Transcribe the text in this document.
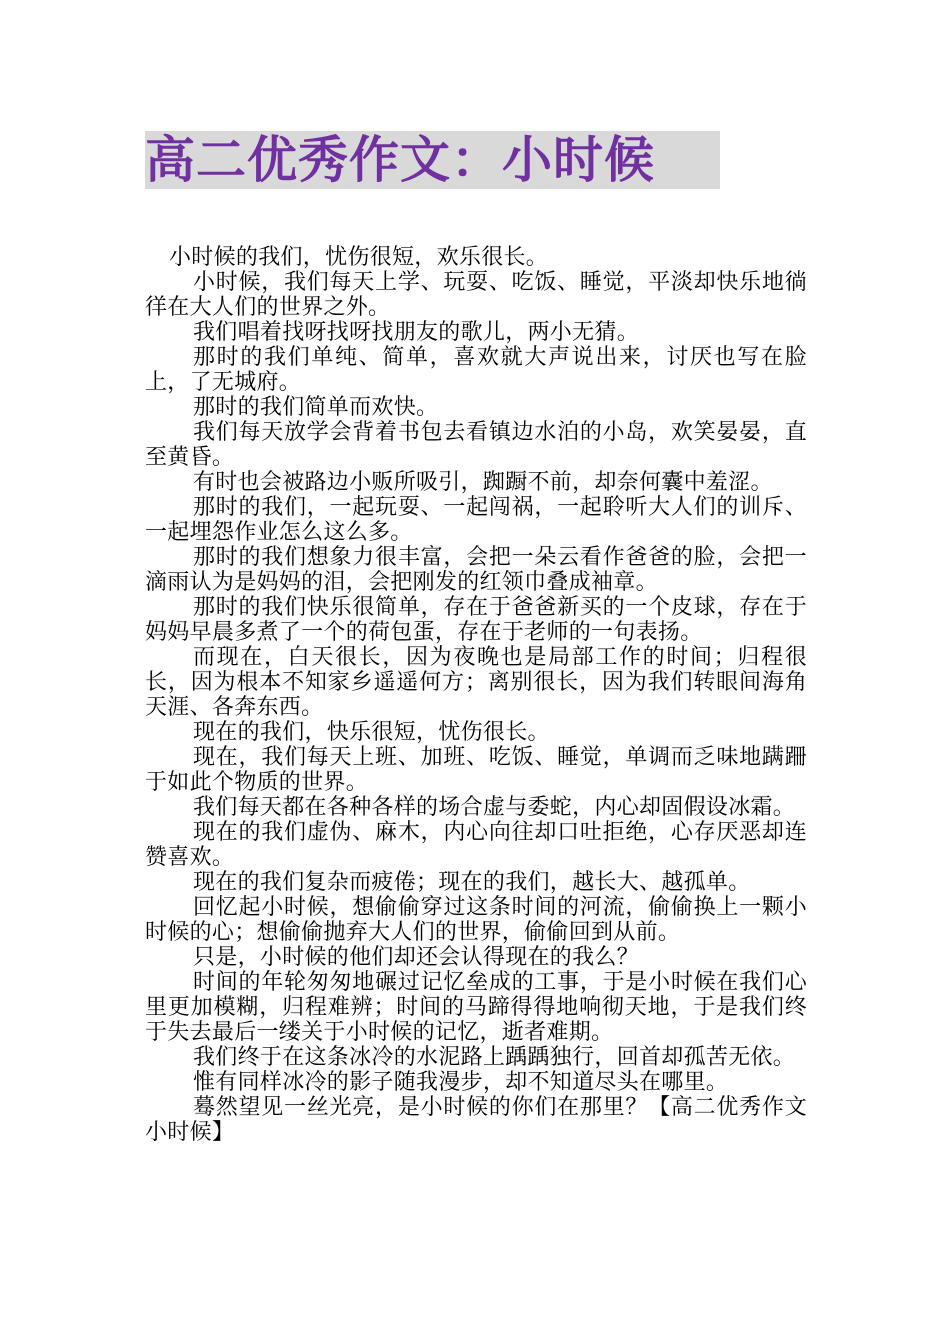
高二优秀作文：小时候

小时候的我们，忧伤很短，欢乐很长。

小时候，我们每天上学、玩耍、吃饭、睡觉，平淡却快乐地徜徉在大人们的世界之外。

我们唱着找呀找呀找朋友的歌儿，两小无猜。

那时的我们单纯、简单，喜欢就大声说出来，讨厌也写在脸上，了无城府。

那时的我们简单而欢快。

我们每天放学会背着书包去看镇边水泊的小岛，欢笑晏晏，直至黄昏。

有时也会被路边小贩所吸引，踟蹰不前，却奈何囊中羞涩。

那时的我们，一起玩耍、一起闯祸，一起聆听大人们的训斥、一起埋怨作业怎么这么多。

那时的我们想象力很丰富，会把一朵云看作爸爸的脸，会把一滴雨认为是妈妈的泪，会把刚发的红领巾叠成袖章。

那时的我们快乐很简单，存在于爸爸新买的一个皮球，存在于妈妈早晨多煮了一个的荷包蛋，存在于老师的一句表扬。

而现在，白天很长，因为夜晚也是局部工作的时间；归程很长，因为根本不知家乡遥遥何方；离别很长，因为我们转眼间海角天涯、各奔东西。

现在的我们，快乐很短，忧伤很长。

现在，我们每天上班、加班、吃饭、睡觉，单调而乏味地蹒跚于如此个物质的世界。

我们每天都在各种各样的场合虚与委蛇，内心却固假设冰霜。

现在的我们虚伪、麻木，内心向往却口吐拒绝，心存厌恶却连赞喜欢。

现在的我们复杂而疲倦；现在的我们，越长大、越孤单。

回忆起小时候，想偷偷穿过这条时间的河流，偷偷换上一颗小时候的心；想偷偷抛弃大人们的世界，偷偷回到从前。

只是，小时候的他们却还会认得现在的我么？

时间的年轮匆匆地碾过记忆垒成的工事，于是小时候在我们心里更加模糊，归程难辨；时间的马蹄得得地响彻天地，于是我们终于失去最后一缕关于小时候的记忆，逝者难期。

我们终于在这条冰冷的水泥路上踽踽独行，回首却孤苦无依。

惟有同样冰冷的影子随我漫步，却不知道尽头在哪里。

蓦然望见一丝光亮，是小时候的你们在那里？【高二优秀作文小时候】
